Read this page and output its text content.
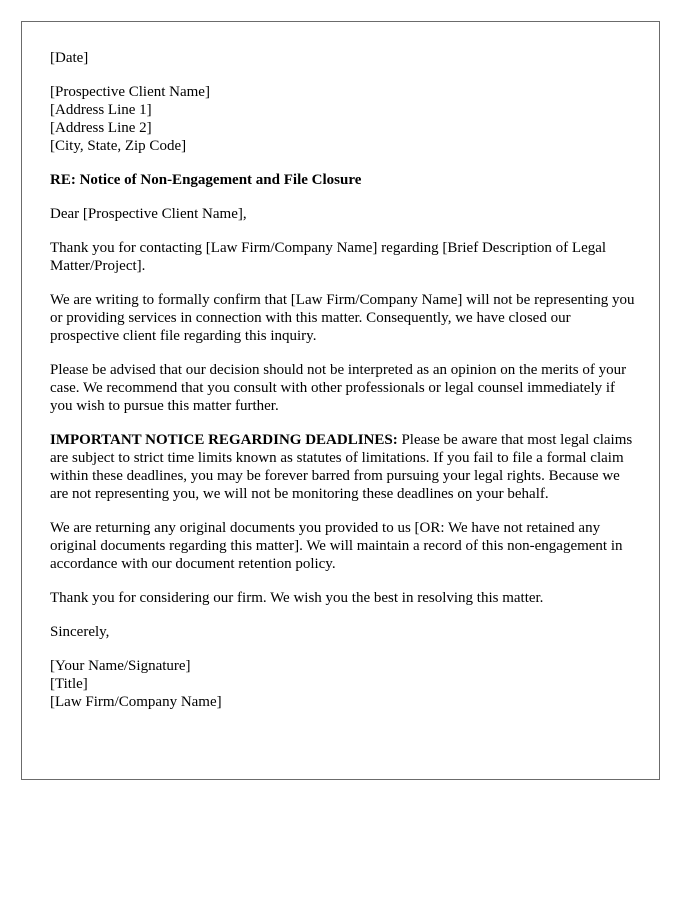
[Date]

[Prospective Client Name]
[Address Line 1]
[Address Line 2]
[City, State, Zip Code]

RE: Notice of Non-Engagement and File Closure

Dear [Prospective Client Name],

Thank you for contacting [Law Firm/Company Name] regarding [Brief Description of Legal Matter/Project].

We are writing to formally confirm that [Law Firm/Company Name] will not be representing you or providing services in connection with this matter. Consequently, we have closed our prospective client file regarding this inquiry.

Please be advised that our decision should not be interpreted as an opinion on the merits of your case. We recommend that you consult with other professionals or legal counsel immediately if you wish to pursue this matter further.

IMPORTANT NOTICE REGARDING DEADLINES: Please be aware that most legal claims are subject to strict time limits known as statutes of limitations. If you fail to file a formal claim within these deadlines, you may be forever barred from pursuing your legal rights. Because we are not representing you, we will not be monitoring these deadlines on your behalf.

We are returning any original documents you provided to us [OR: We have not retained any original documents regarding this matter]. We will maintain a record of this non-engagement in accordance with our document retention policy.

Thank you for considering our firm. We wish you the best in resolving this matter.

Sincerely,

[Your Name/Signature]
[Title]
[Law Firm/Company Name]
